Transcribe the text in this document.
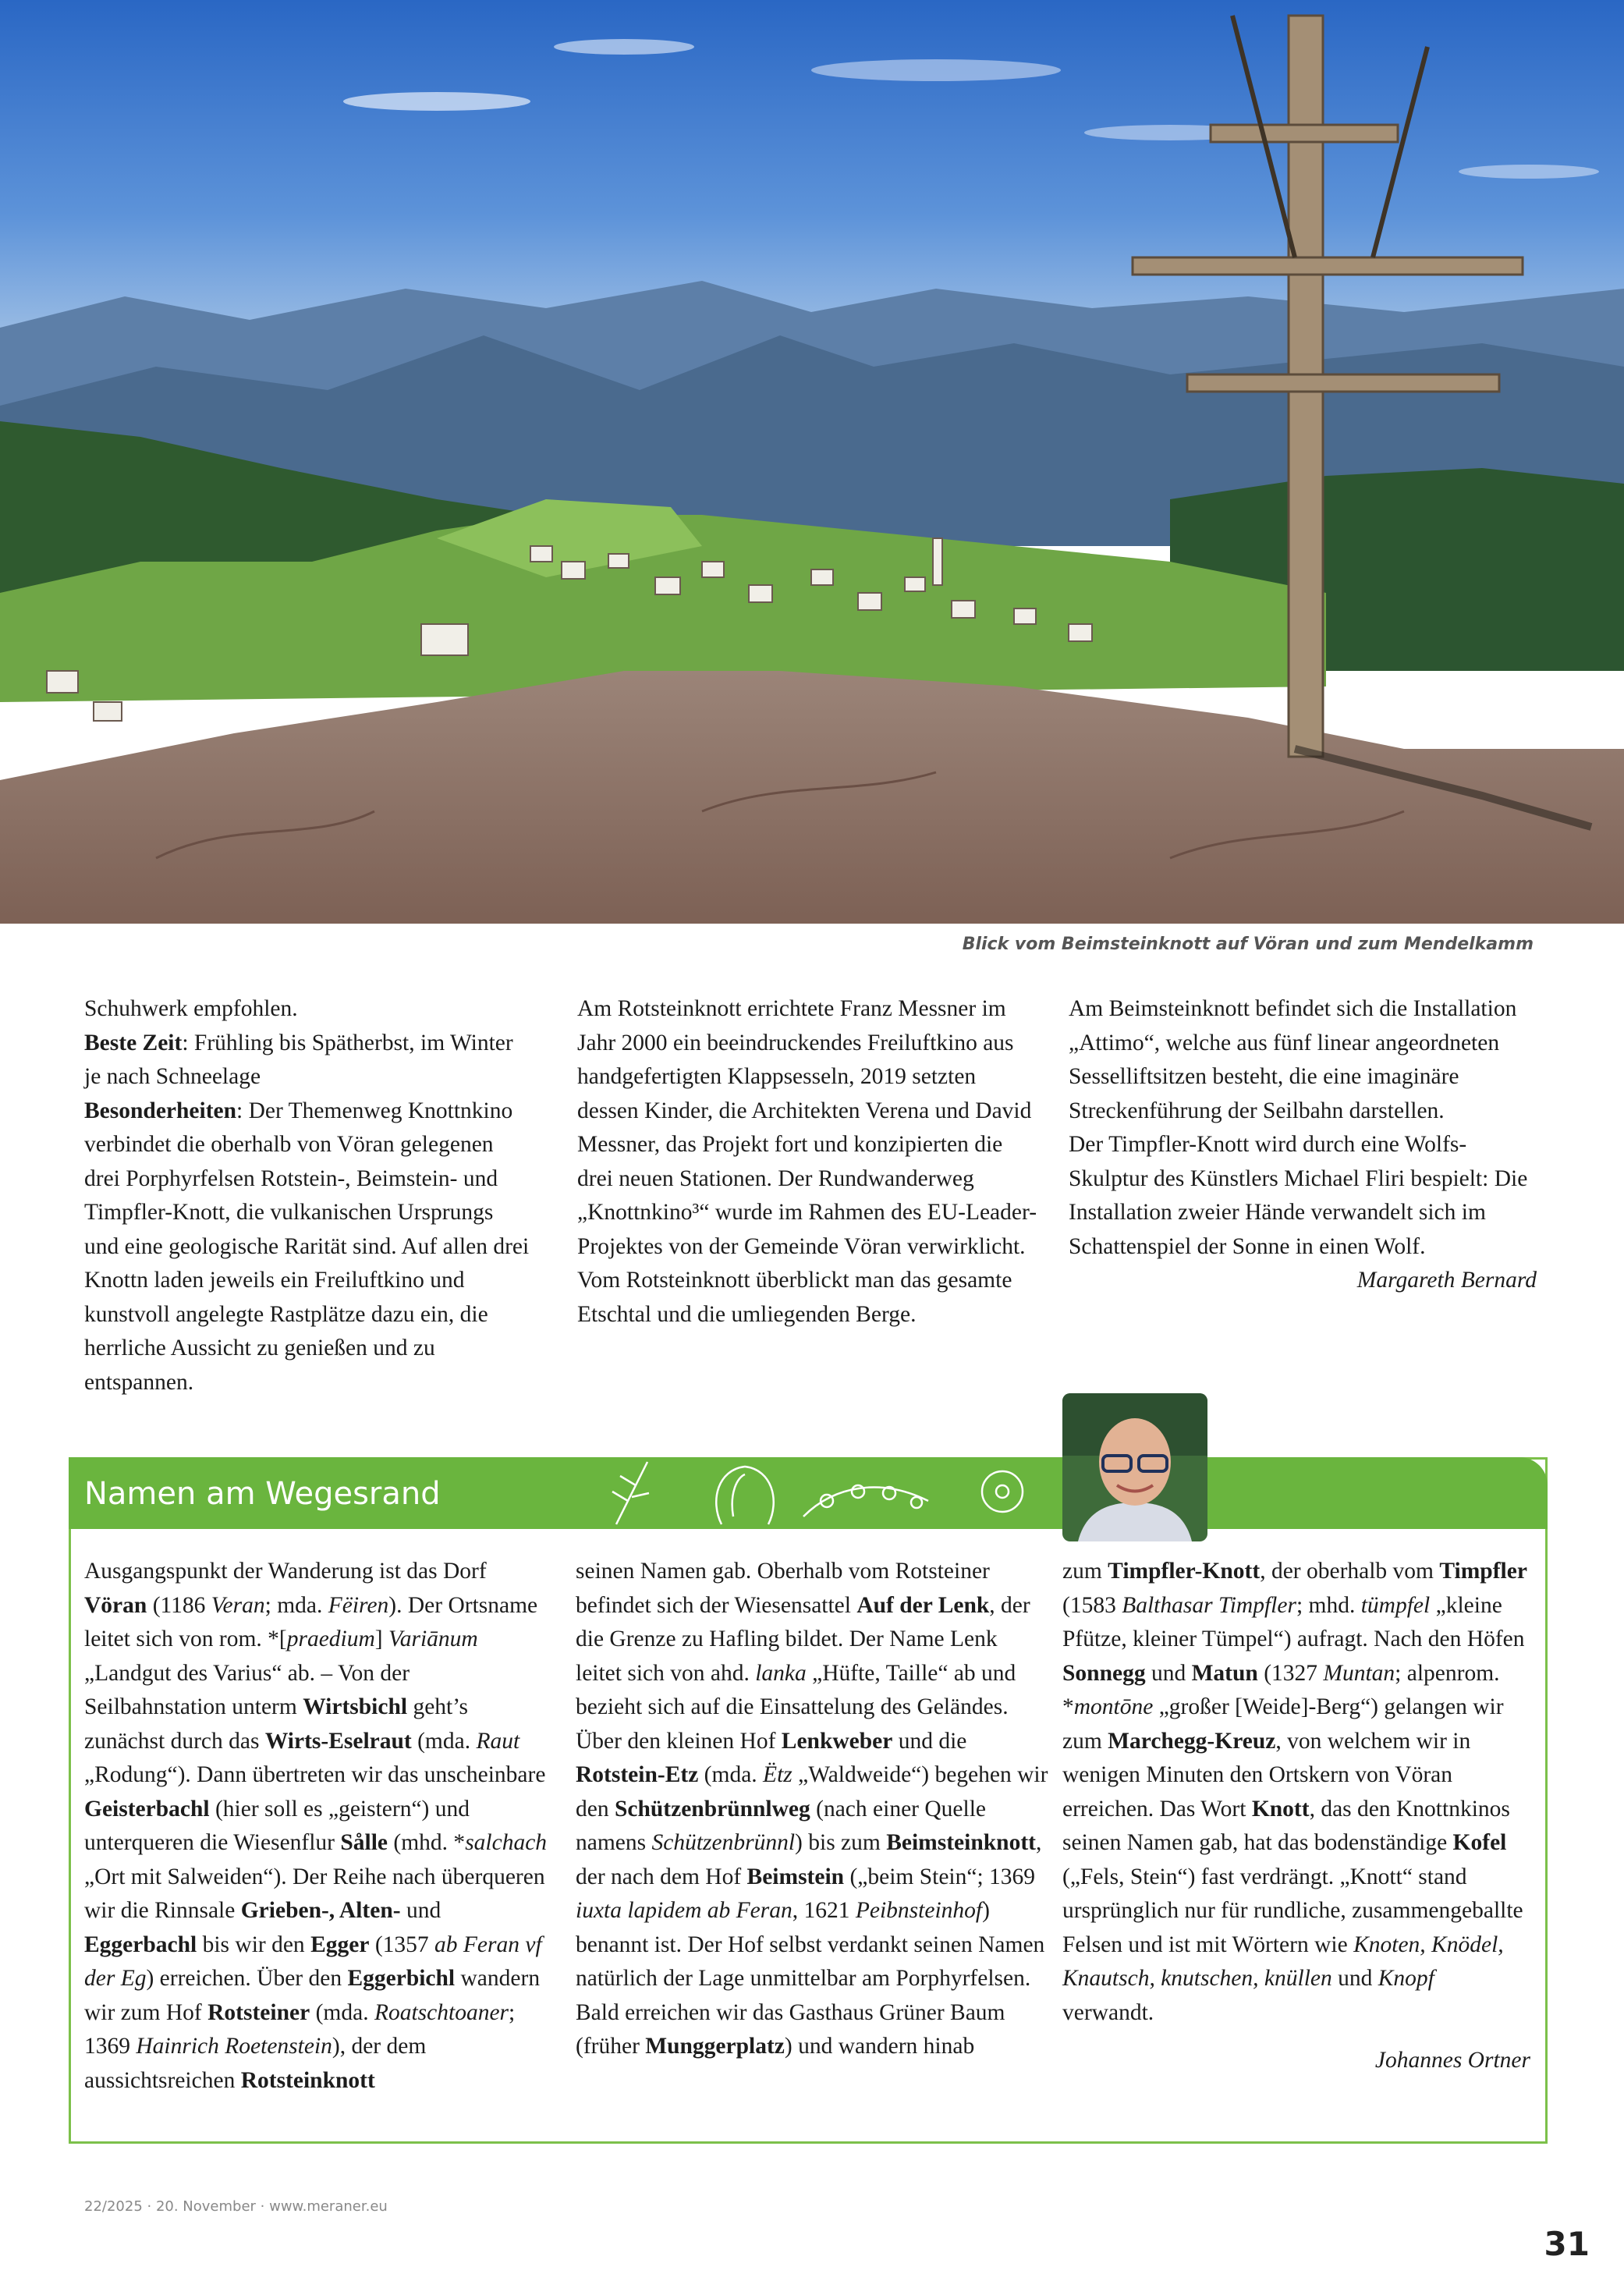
Blick vom Beimsteinknott auf Vöran und zum Mendelkamm

Schuhwerk empfohlen.

Beste Zeit: Frühling bis Spätherbst, im Winter je nach Schneelage

Besonderheiten: Der Themenweg Knottnkino verbindet die oberhalb von Vöran gelegenen drei Porphyrfelsen Rotstein-, Beimstein- und Timpfler-Knott, die vulkanischen Ursprungs und eine geologische Rarität sind. Auf allen drei Knottn laden jeweils ein Freiluftkino und kunstvoll angelegte Rastplätze dazu ein, die herrliche Aussicht zu genießen und zu entspannen.

Am Rotsteinknott errichtete Franz Messner im Jahr 2000 ein beeindruckendes Freiluftkino aus handgefertigten Klappsesseln, 2019 setzten dessen Kinder, die Architekten Verena und David Messner, das Projekt fort und konzipierten die drei neuen Stationen. Der Rundwanderweg „Knottnkino³“ wurde im Rahmen des EU-Leader-Projektes von der Gemeinde Vöran verwirklicht.

Vom Rotsteinknott überblickt man das gesamte Etschtal und die umliegenden Berge.

Am Beimsteinknott befindet sich die Installation „Attimo“, welche aus fünf linear angeordneten Sesselliftsitzen besteht, die eine imaginäre Streckenführung der Seilbahn darstellen.

Der Timpfler-Knott wird durch eine Wolfs-Skulptur des Künstlers Michael Fliri bespielt: Die Installation zweier Hände verwandelt sich im Schattenspiel der Sonne in einen Wolf.

Margareth Bernard

Namen am Wegesrand

Ausgangspunkt der Wanderung ist das Dorf Vöran (1186 Veran; mda. Fëiren). Der Ortsname leitet sich von rom. *[praedium] Variānum „Landgut des Varius“ ab. – Von der Seilbahnstation unterm Wirtsbichl geht’s zunächst durch das Wirts-Eselraut (mda. Raut „Rodung“). Dann übertreten wir das unscheinbare Geisterbachl (hier soll es „geistern“) und unterqueren die Wiesenflur Sålle (mhd. *salchach „Ort mit Salweiden“). Der Reihe nach überqueren wir die Rinnsale Grieben-, Alten- und Eggerbachl bis wir den Egger (1357 ab Feran vf der Eg) erreichen. Über den Eggerbichl wandern wir zum Hof Rotsteiner (mda. Roatschtoaner; 1369 Hainrich Roetenstein), der dem aussichtsreichen Rotsteinknott

seinen Namen gab. Oberhalb vom Rotsteiner befindet sich der Wiesensattel Auf der Lenk, der die Grenze zu Hafling bildet. Der Name Lenk leitet sich von ahd. lanka „Hüfte, Taille“ ab und bezieht sich auf die Einsattelung des Geländes. Über den kleinen Hof Lenkweber und die Rotstein-Etz (mda. Ëtz „Waldweide“) begehen wir den Schützenbrünnlweg (nach einer Quelle namens Schützenbrünnl) bis zum Beimsteinknott, der nach dem Hof Beimstein („beim Stein“; 1369 iuxta lapidem ab Feran, 1621 Peibnsteinhof) benannt ist. Der Hof selbst verdankt seinen Namen natürlich der Lage unmittelbar am Porphyrfelsen. Bald erreichen wir das Gasthaus Grüner Baum (früher Munggerplatz) und wandern hinab

zum Timpfler-Knott, der oberhalb vom Timpfler (1583 Balthasar Timpfler; mhd. tümpfel „kleine Pfütze, kleiner Tümpel“) aufragt. Nach den Höfen Sonnegg und Matun (1327 Muntan; alpenrom. *montōne „großer [Weide]-Berg“) gelangen wir zum Marchegg-Kreuz, von welchem wir in wenigen Minuten den Ortskern von Vöran erreichen. Das Wort Knott, das den Knottnkinos seinen Namen gab, hat das bodenständige Kofel („Fels, Stein“) fast verdrängt. „Knott“ stand ursprünglich nur für rundliche, zusammengeballte Felsen und ist mit Wörtern wie Knoten, Knödel, Knautsch, knutschen, knüllen und Knopf verwandt.

Johannes Ortner

22/2025 · 20. November · www.meraner.eu
31
